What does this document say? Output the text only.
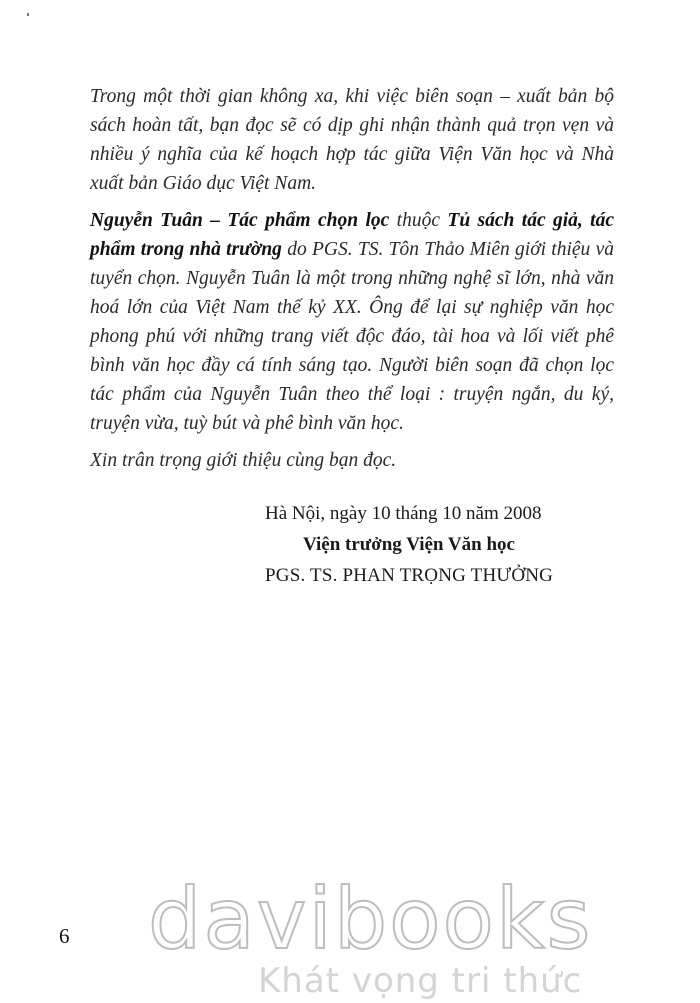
Trong một thời gian không xa, khi việc biên soạn – xuất bản bộ sách hoàn tất, bạn đọc sẽ có dịp ghi nhận thành quả trọn vẹn và nhiều ý nghĩa của kế hoạch hợp tác giữa Viện Văn học và Nhà xuất bản Giáo dục Việt Nam.

Nguyễn Tuân – Tác phẩm chọn lọc thuộc Tủ sách tác giả, tác phẩm trong nhà trường do PGS. TS. Tôn Thảo Miên giới thiệu và tuyển chọn. Nguyễn Tuân là một trong những nghệ sĩ lớn, nhà văn hoá lớn của Việt Nam thế kỷ XX. Ông để lại sự nghiệp văn học phong phú với những trang viết độc đáo, tài hoa và lối viết phê bình văn học đầy cá tính sáng tạo. Người biên soạn đã chọn lọc tác phẩm của Nguyễn Tuân theo thể loại : truyện ngắn, du ký, truyện vừa, tuỳ bút và phê bình văn học.

Xin trân trọng giới thiệu cùng bạn đọc.

Hà Nội, ngày 10 tháng 10 năm 2008
Viện trưởng Viện Văn học
PGS. TS. PHAN TRỌNG THƯỞNG
6 davibooks
Khát vọng tri thức
